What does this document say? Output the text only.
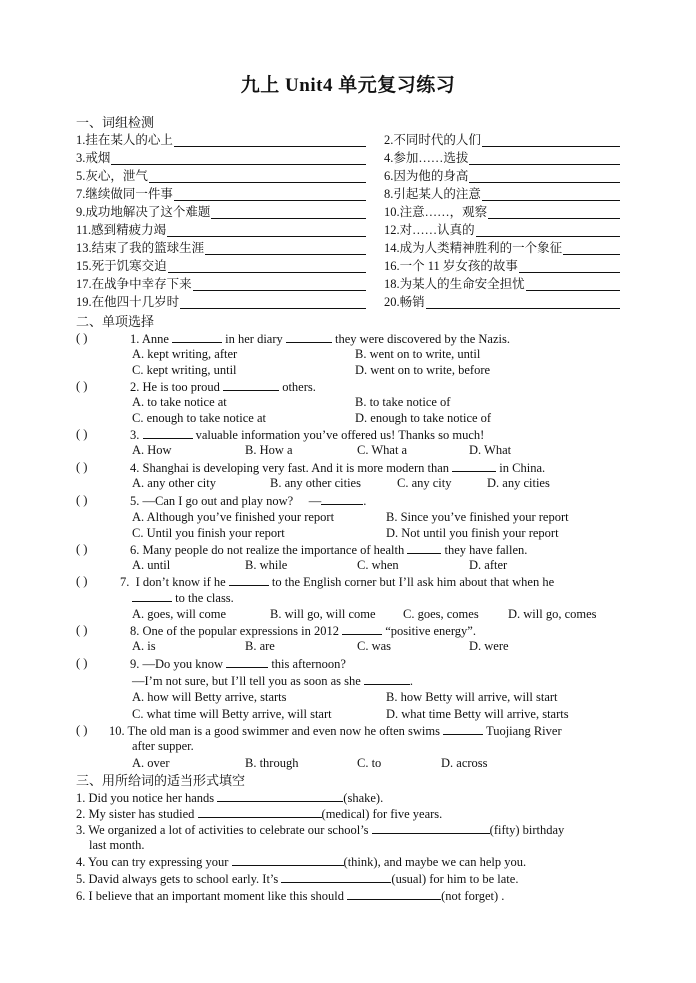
九上 Unit4 单元复习练习
一、词组检测
1.挂在某人的心上	2.不同时代的人们
3.戒烟	4.参加……选拔
5.灰心，泄气	6.因为他的身高
7.继续做同一件事	8.引起某人的注意
9.成功地解决了这个难题	10.注意……，观察
11.感到精疲力竭	12.对……认真的
13.结束了我的篮球生涯	14.成为人类精神胜利的一个象征
15.死于饥寒交迫	16.一个 11 岁女孩的故事
17.在战争中幸存下来	18.为某人的生命安全担忧
19.在他四十几岁时	20.畅销
二、单项选择
( )	1. Anne	in her diary	they were discovered by the Nazis.
A. kept writing, after	B. went on to write, until
C. kept writing, until	D. went on to write, before
( )	2. He is too proud	others.
A. to take notice at	B. to take notice of
C. enough to take notice at	D. enough to take notice of
( )	3.	valuable information you’ve offered us! Thanks so much!
A. How	B. How a	C. What a	D. What
( )	4. Shanghai is developing very fast. And it is more modern than	in China.
A. any other city	B. any other cities	C. any city	D. any cities
( )	5. —Can I go out and play now? —	.
A. Although you’ve finished your report	B. Since you’ve finished your report
C. Until you finish your report	D. Not until you finish your report
( )	6. Many people do not realize the importance of health	they have fallen.
A. until	B. while	C. when	D. after
( )	7. I don’t know if he	to the English corner but I’ll ask him about that when he
to the class.
A. goes, will come	B. will go, will come C. goes, comes D. will go, comes
( )	8. One of the popular expressions in 2012	“positive energy”.
A. is	B. are	C. was	D. were
( )	9. —Do you know	this afternoon?
—I’m not sure, but I’ll tell you as soon as she	.
A. how will Betty arrive, starts	B. how Betty will arrive, will start
C. what time will Betty arrive, will start	D. what time Betty will arrive, starts
( ) 10. The old man is a good swimmer and even now he often swims	Tuojiang River
after supper.
A. over	B. through	C. to	D. across
三、用所给词的适当形式填空
1. Did you notice her hands	(shake).
2. My sister has studied	(medical) for five years.
3. We organized a lot of activities to celebrate our school’s	(fifty) birthday
last month.
4. You can try expressing your	(think), and maybe we can help you.
5. David always gets to school early. It’s	(usual) for him to be late.
6. I believe that an important moment like this should	(not forget) .
